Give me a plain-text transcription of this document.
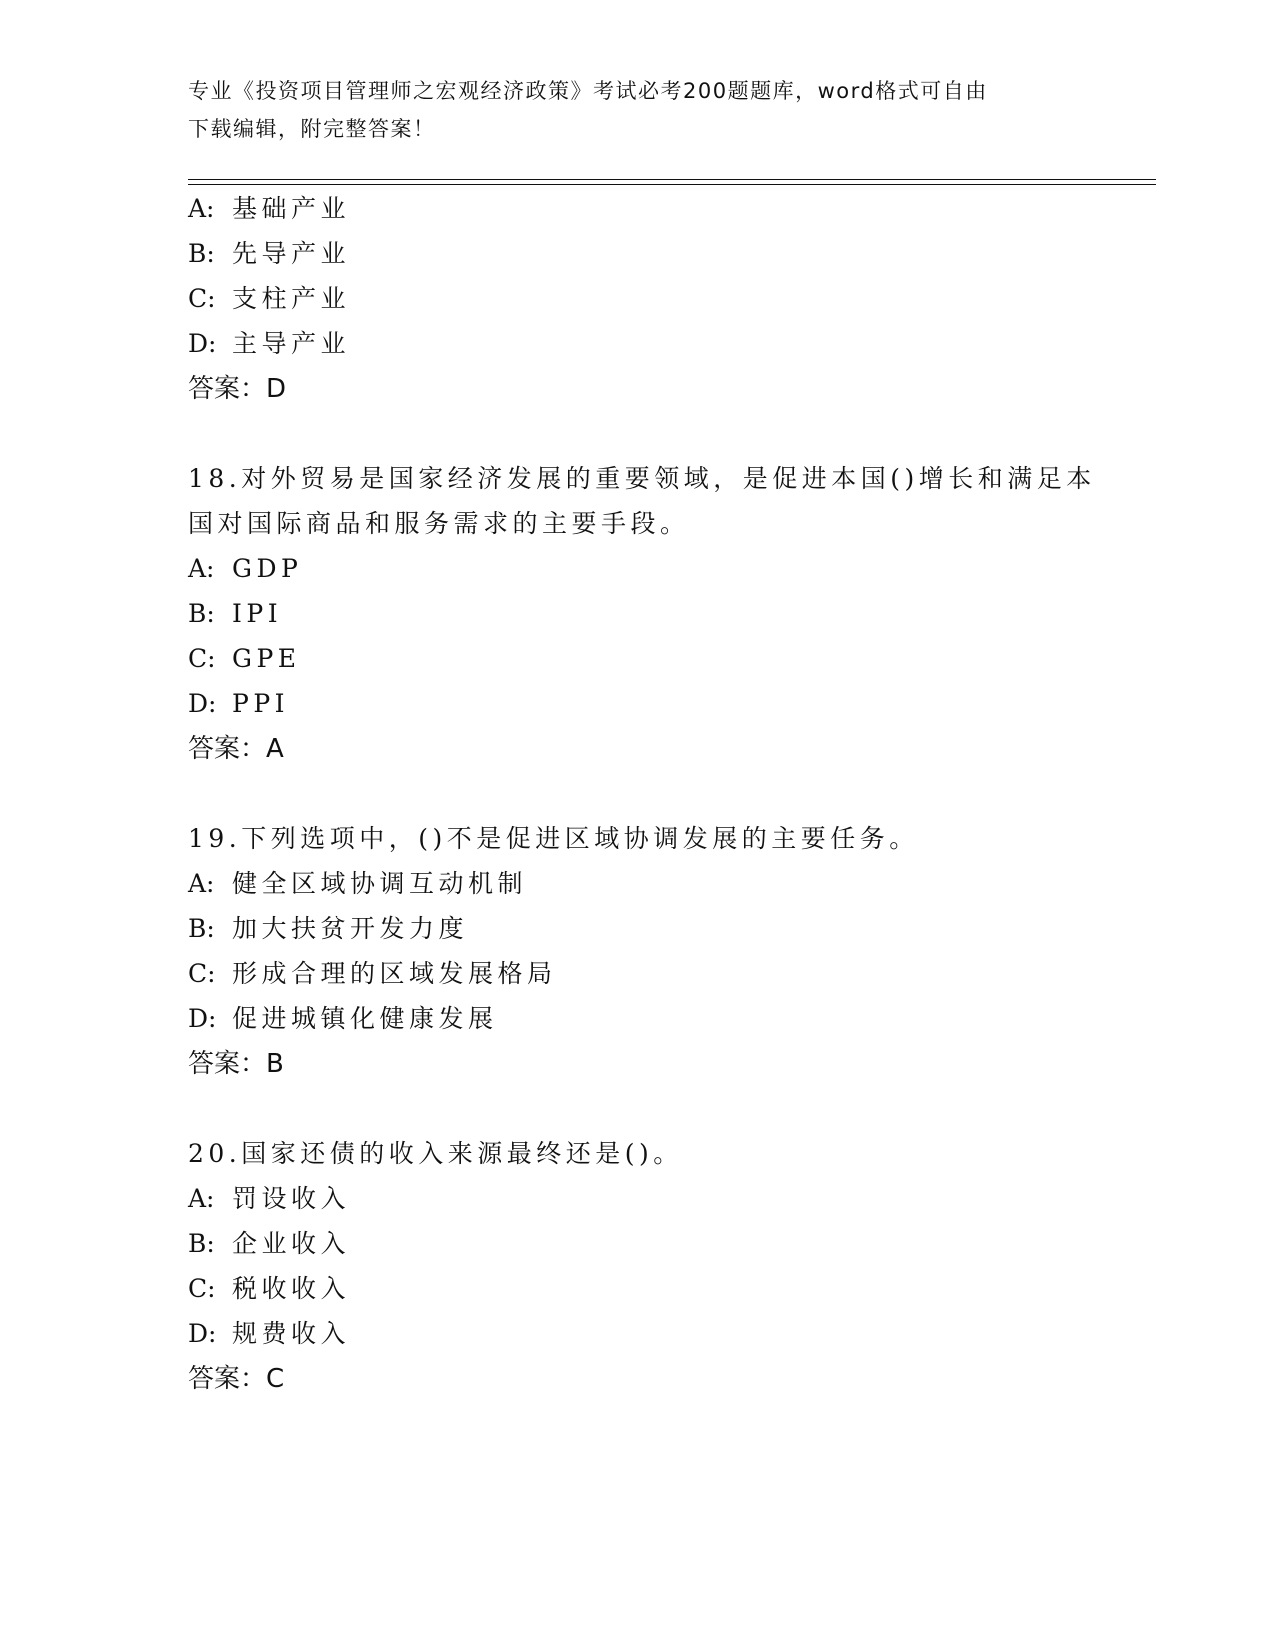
专业《投资项目管理师之宏观经济政策》考试必考200题题库，word格式可自由
下载编辑，附完整答案！
A: 基础产业
B: 先导产业
C: 支柱产业
D: 主导产业
答案：D
18.对外贸易是国家经济发展的重要领域，是促进本国()增长和满足本
国对国际商品和服务需求的主要手段。
A: GDP
B: IPI
C: GPE
D: PPI
答案：A
19.下列选项中，()不是促进区域协调发展的主要任务。
A: 健全区域协调互动机制
B: 加大扶贫开发力度
C: 形成合理的区域发展格局
D: 促进城镇化健康发展
答案：B
20.国家还债的收入来源最终还是()。
A: 罚设收入
B: 企业收入
C: 税收收入
D: 规费收入
答案：C
